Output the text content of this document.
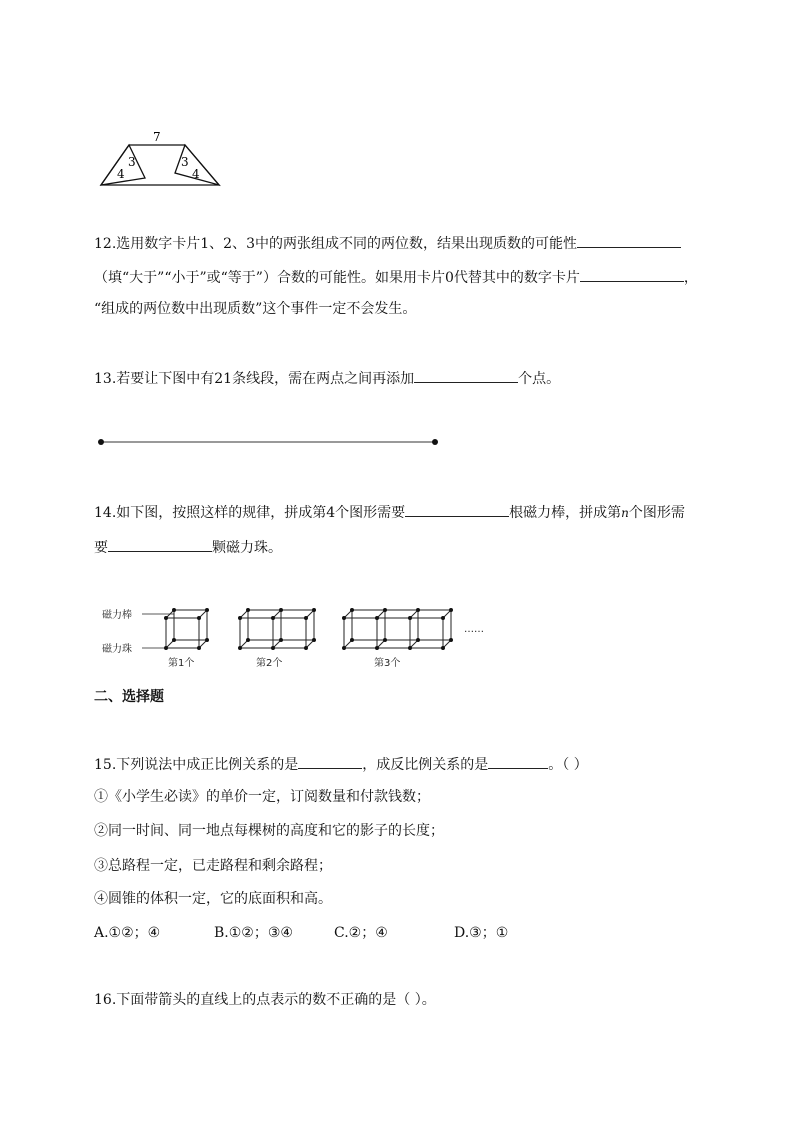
7
3
4
3
4
12.选用数字卡片1、2、3中的两张组成不同的两位数，结果出现质数的可能性
（填“大于”“小于”或“等于”）合数的可能性。如果用卡片0代替其中的数字卡片	，
“组成的两位数中出现质数”这个事件一定不会发生。
13.若要让下图中有21条线段，需在两点之间再添加	个点。
14.如下图，按照这样的规律，拼成第4个图形需要	根磁力棒，拼成第n个图形需
要	颗磁力珠。
磁力棒
磁力珠
第1个	第2个	第3个
……
二、选择题
15.下列说法中成正比例关系的是	，成反比例关系的是	。（ ）
①《小学生必读》的单价一定，订阅数量和付款钱数；
②同一时间、同一地点每棵树的高度和它的影子的长度；
③总路程一定，已走路程和剩余路程；
④圆锥的体积一定，它的底面积和高。
A.①②；④	B.①②；③④	C.②；④	D.③；①
16.下面带箭头的直线上的点表示的数不正确的是（ ）。
